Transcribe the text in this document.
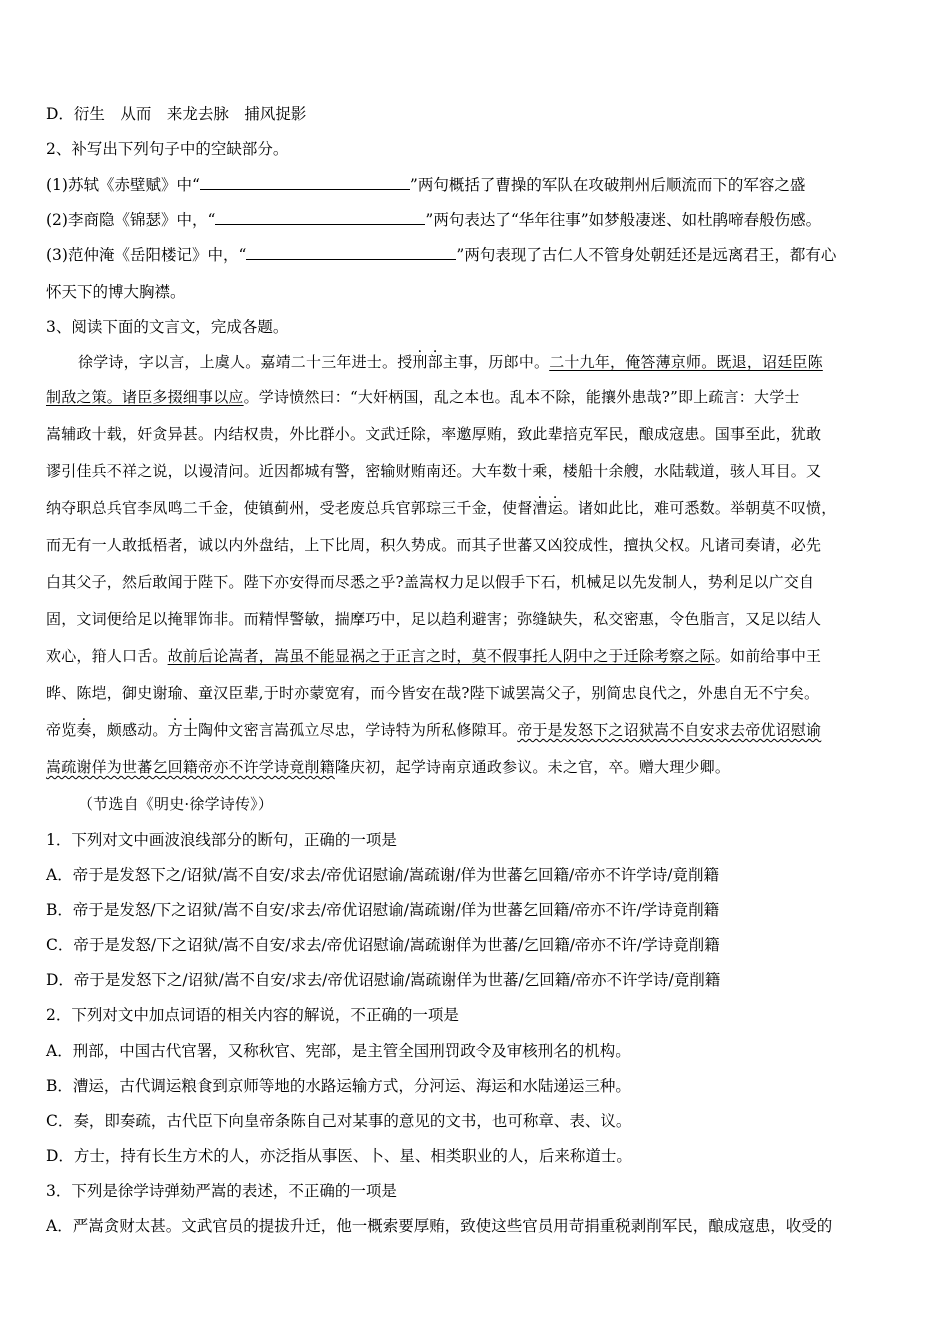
D．衍生　从而　来龙去脉　捕风捉影
2、补写出下列句子中的空缺部分。
(1)苏轼《赤壁赋》中“	”两句概括了曹操的军队在攻破荆州后顺流而下的军容之盛
(2)李商隐《锦瑟》中，“	”两句表达了“华年往事”如梦般凄迷、如杜鹃啼春般伤感。
(3)范仲淹《岳阳楼记》中，“	”两句表现了古仁人不管身处朝廷还是远离君王，都有心
怀天下的博大胸襟。
3、阅读下面的文言文，完成各题。
徐学诗，字以言，上虞人。嘉靖二十三年进士。授刑部主事，历郎中。二十九年，俺答薄京师。既退，诏廷臣陈
制敌之策。诸臣多掇细事以应。学诗愤然曰：“大奸柄国，乱之本也。乱本不除，能攘外患哉?”即上疏言：大学士
嵩辅政十载，奸贪异甚。内结权贵，外比群小。文武迁除，率邀厚贿，致此辈掊克军民，酿成寇患。国事至此，犹敢
谬引佳兵不祥之说，以谩清问。近因都城有警，密输财贿南还。大车数十乘，楼船十余艘，水陆载道，骇人耳目。又
纳夺职总兵官李凤鸣二千金，使镇蓟州，受老废总兵官郭琮三千金，使督漕运。诸如此比，难可悉数。举朝莫不叹愤，
而无有一人敢抵梧者，诚以内外盘结，上下比周，积久势成。而其子世蕃又凶狡成性，擅执父权。凡诸司奏请，必先
白其父子，然后敢闻于陛下。陛下亦安得而尽悉之乎?盖嵩权力足以假手下石，机械足以先发制人，势利足以广交自
固，文词便给足以掩罪饰非。而精悍警敏，揣摩巧中，足以趋利避害；弥缝缺失，私交密惠，令色脂言，又足以结人
欢心，箝人口舌。故前后论嵩者，嵩虽不能显祸之于正言之时，莫不假事托人阴中之于迁除考察之际。如前给事中王
晔、陈垲，御史谢瑜、童汉臣辈,于时亦蒙宽宥，而今皆安在哉?陛下诚罢嵩父子，别简忠良代之，外患自无不宁矣。
帝览奏，颇感动。方士陶仲文密言嵩孤立尽忠，学诗特为所私修隙耳。帝于是发怒下之诏狱嵩不自安求去帝优诏慰谕
嵩疏谢佯为世蕃乞回籍帝亦不许学诗竟削籍隆庆初，起学诗南京通政参议。未之官，卒。赠大理少卿。
（节选自《明史·徐学诗传》）
1．下列对文中画波浪线部分的断句，正确的一项是
A．帝于是发怒下之/诏狱/嵩不自安/求去/帝优诏慰谕/嵩疏谢/佯为世蕃乞回籍/帝亦不许学诗/竟削籍
B．帝于是发怒/下之诏狱/嵩不自安/求去/帝优诏慰谕/嵩疏谢/佯为世蕃乞回籍/帝亦不许/学诗竟削籍
C．帝于是发怒/下之诏狱/嵩不自安/求去/帝优诏慰谕/嵩疏谢佯为世蕃/乞回籍/帝亦不许/学诗竟削籍
D．帝于是发怒下之/诏狱/嵩不自安/求去/帝优诏慰谕/嵩疏谢佯为世蕃/乞回籍/帝亦不许学诗/竟削籍
2．下列对文中加点词语的相关内容的解说，不正确的一项是
A．刑部，中国古代官署，又称秋官、宪部，是主管全国刑罚政令及审核刑名的机构。
B．漕运，古代调运粮食到京师等地的水路运输方式，分河运、海运和水陆递运三种。
C．奏，即奏疏，古代臣下向皇帝条陈自己对某事的意见的文书，也可称章、表、议。
D．方士，持有长生方术的人，亦泛指从事医、卜、星、相类职业的人，后来称道士。
3．下列是徐学诗弹劾严嵩的表述，不正确的一项是
A．严嵩贪财太甚。文武官员的提拔升迁，他一概索要厚贿，致使这些官员用苛捐重税剥削军民，酿成寇患，收受的
